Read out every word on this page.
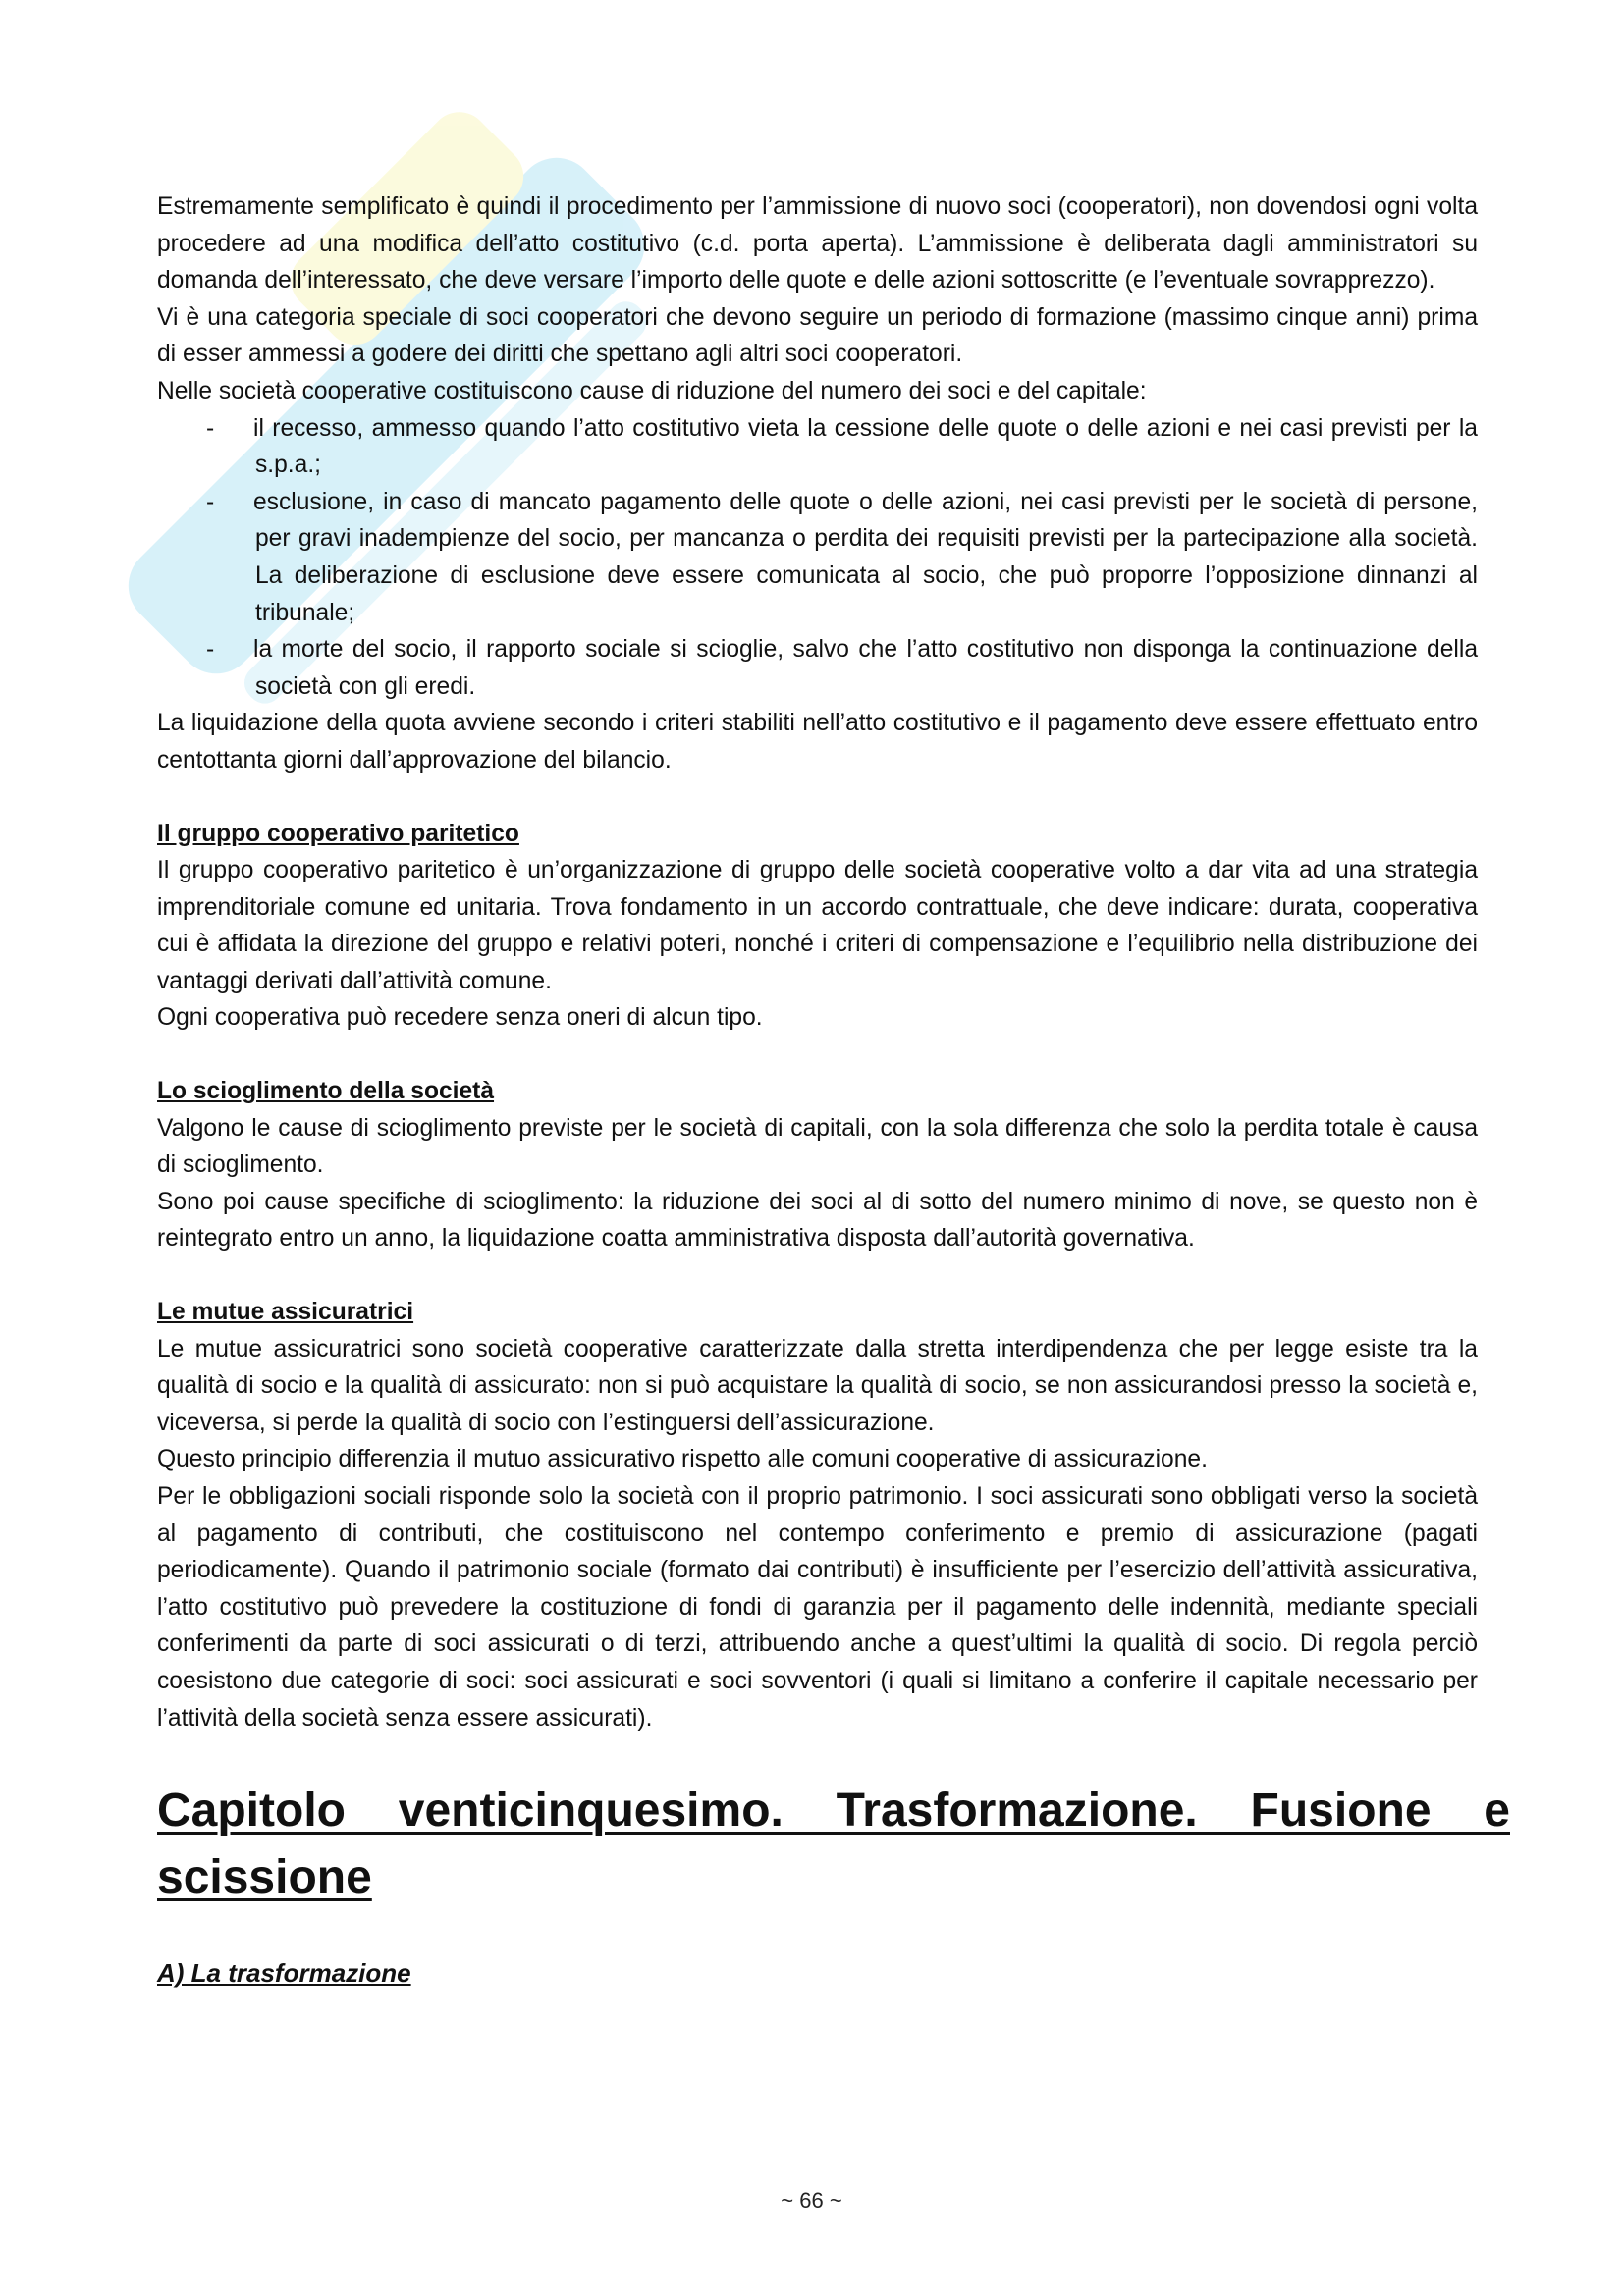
Estremamente semplificato è quindi il procedimento per l’ammissione di nuovo soci (cooperatori), non dovendosi ogni volta procedere ad una modifica dell’atto costitutivo (c.d. porta aperta). L’ammissione è deliberata dagli amministratori su domanda dell’interessato, che deve versare l’importo delle quote e delle azioni sottoscritte (e l’eventuale sovrapprezzo).

Vi è una categoria speciale di soci cooperatori che devono seguire un periodo di formazione (massimo cinque anni) prima di esser ammessi a godere dei diritti che spettano agli altri soci cooperatori.

Nelle società cooperative costituiscono cause di riduzione del numero dei soci e del capitale:

- il recesso, ammesso quando l’atto costitutivo vieta la cessione delle quote o delle azioni e nei casi previsti per la s.p.a.;
- esclusione, in caso di mancato pagamento delle quote o delle azioni, nei casi previsti per le società di persone, per gravi inadempienze del socio, per mancanza o perdita dei requisiti previsti per la partecipazione alla società. La deliberazione di esclusione deve essere comunicata al socio, che può proporre l’opposizione dinnanzi al tribunale;
- la morte del socio, il rapporto sociale si scioglie, salvo che l’atto costitutivo non disponga la continuazione della società con gli eredi.

La liquidazione della quota avviene secondo i criteri stabiliti nell’atto costitutivo e il pagamento deve essere effettuato entro centottanta giorni dall’approvazione del bilancio.

Il gruppo cooperativo paritetico

Il gruppo cooperativo paritetico è un’organizzazione di gruppo delle società cooperative volto a dar vita ad una strategia imprenditoriale comune ed unitaria. Trova fondamento in un accordo contrattuale, che deve indicare: durata, cooperativa cui è affidata la direzione del gruppo e relativi poteri, nonché i criteri di compensazione e l’equilibrio nella distribuzione dei vantaggi derivati dall’attività comune.

Ogni cooperativa può recedere senza oneri di alcun tipo.

Lo scioglimento della società

Valgono le cause di scioglimento previste per le società di capitali, con la sola differenza che solo la perdita totale è causa di scioglimento.

Sono poi cause specifiche di scioglimento: la riduzione dei soci al di sotto del numero minimo di nove, se questo non è reintegrato entro un anno, la liquidazione coatta amministrativa disposta dall’autorità governativa.

Le mutue assicuratrici

Le mutue assicuratrici sono società cooperative caratterizzate dalla stretta interdipendenza che per legge esiste tra la qualità di socio e la qualità di assicurato: non si può acquistare la qualità di socio, se non assicurandosi presso la società e, viceversa, si perde la qualità di socio con l’estinguersi dell’assicurazione.

Questo principio differenzia il mutuo assicurativo rispetto alle comuni cooperative di assicurazione.

Per le obbligazioni sociali risponde solo la società con il proprio patrimonio. I soci assicurati sono obbligati verso la società al pagamento di contributi, che costituiscono nel contempo conferimento e premio di assicurazione (pagati periodicamente). Quando il patrimonio sociale (formato dai contributi) è insufficiente per l’esercizio dell’attività assicurativa, l’atto costitutivo può prevedere la costituzione di fondi di garanzia per il pagamento delle indennità, mediante speciali conferimenti da parte di soci assicurati o di terzi, attribuendo anche a quest’ultimi la qualità di socio. Di regola perciò coesistono due categorie di soci: soci assicurati e soci sovventori (i quali si limitano a conferire il capitale necessario per l’attività della società senza essere assicurati).

Capitolo venticinquesimo. Trasformazione. Fusione e scissione
A) La trasformazione
~ 66 ~
